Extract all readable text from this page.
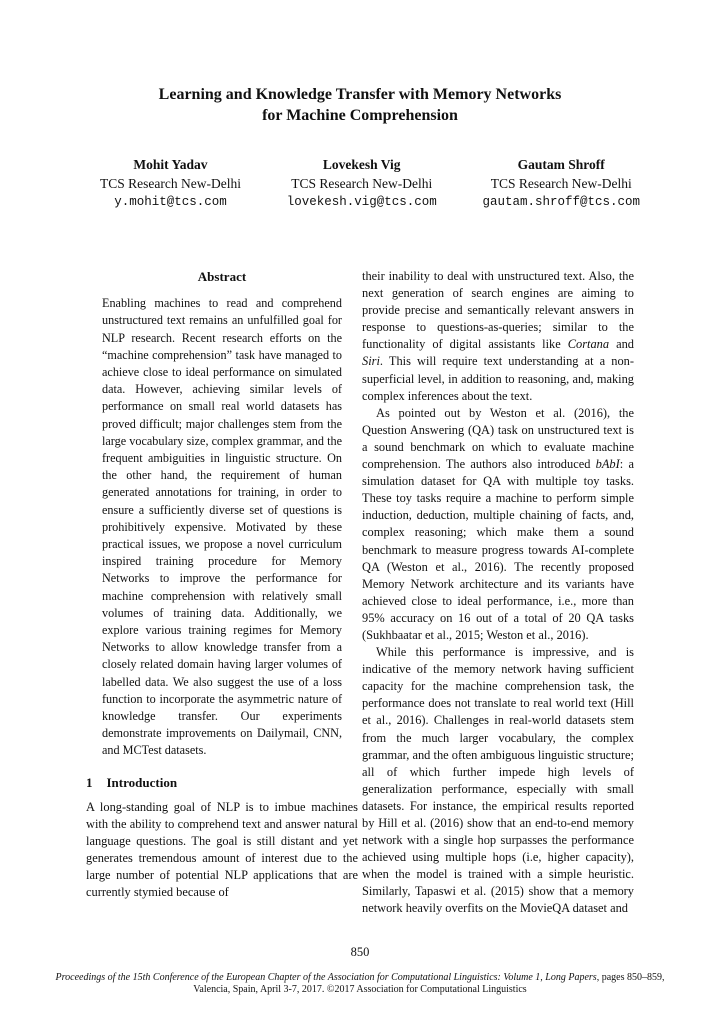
Learning and Knowledge Transfer with Memory Networks
for Machine Comprehension
Mohit Yadav
TCS Research New-Delhi
y.mohit@tcs.com
Lovekesh Vig
TCS Research New-Delhi
lovekesh.vig@tcs.com
Gautam Shroff
TCS Research New-Delhi
gautam.shroff@tcs.com
Abstract

Enabling machines to read and comprehend unstructured text remains an unfulfilled goal for NLP research. Recent research efforts on the “machine comprehension” task have managed to achieve close to ideal performance on simulated data. However, achieving similar levels of performance on small real world datasets has proved difficult; major challenges stem from the large vocabulary size, complex grammar, and the frequent ambiguities in linguistic structure. On the other hand, the requirement of human generated annotations for training, in order to ensure a sufficiently diverse set of questions is prohibitively expensive. Motivated by these practical issues, we propose a novel curriculum inspired training procedure for Memory Networks to improve the performance for machine comprehension with relatively small volumes of training data. Additionally, we explore various training regimes for Memory Networks to allow knowledge transfer from a closely related domain having larger volumes of labelled data. We also suggest the use of a loss function to incorporate the asymmetric nature of knowledge transfer. Our experiments demonstrate improvements on Dailymail, CNN, and MCTest datasets.

1 Introduction

A long-standing goal of NLP is to imbue machines with the ability to comprehend text and answer natural language questions. The goal is still distant and yet generates tremendous amount of interest due to the large number of potential NLP applications that are currently stymied because of

their inability to deal with unstructured text. Also, the next generation of search engines are aiming to provide precise and semantically relevant answers in response to questions-as-queries; similar to the functionality of digital assistants like Cortana and Siri. This will require text understanding at a non-superficial level, in addition to reasoning, and, making complex inferences about the text.

As pointed out by Weston et al. (2016), the Question Answering (QA) task on unstructured text is a sound benchmark on which to evaluate machine comprehension. The authors also introduced bAbI: a simulation dataset for QA with multiple toy tasks. These toy tasks require a machine to perform simple induction, deduction, multiple chaining of facts, and, complex reasoning; which make them a sound benchmark to measure progress towards AI-complete QA (Weston et al., 2016). The recently proposed Memory Network architecture and its variants have achieved close to ideal performance, i.e., more than 95% accuracy on 16 out of a total of 20 QA tasks (Sukhbaatar et al., 2015; Weston et al., 2016).

While this performance is impressive, and is indicative of the memory network having sufficient capacity for the machine comprehension task, the performance does not translate to real world text (Hill et al., 2016). Challenges in real-world datasets stem from the much larger vocabulary, the complex grammar, and the often ambiguous linguistic structure; all of which further impede high levels of generalization performance, especially with small datasets. For instance, the empirical results reported by Hill et al. (2016) show that an end-to-end memory network with a single hop surpasses the performance achieved using multiple hops (i.e, higher capacity), when the model is trained with a simple heuristic. Similarly, Tapaswi et al. (2015) show that a memory network heavily overfits on the MovieQA dataset and

850
Proceedings of the 15th Conference of the European Chapter of the Association for Computational Linguistics: Volume 1, Long Papers, pages 850–859,
Valencia, Spain, April 3-7, 2017. ©2017 Association for Computational Linguistics
